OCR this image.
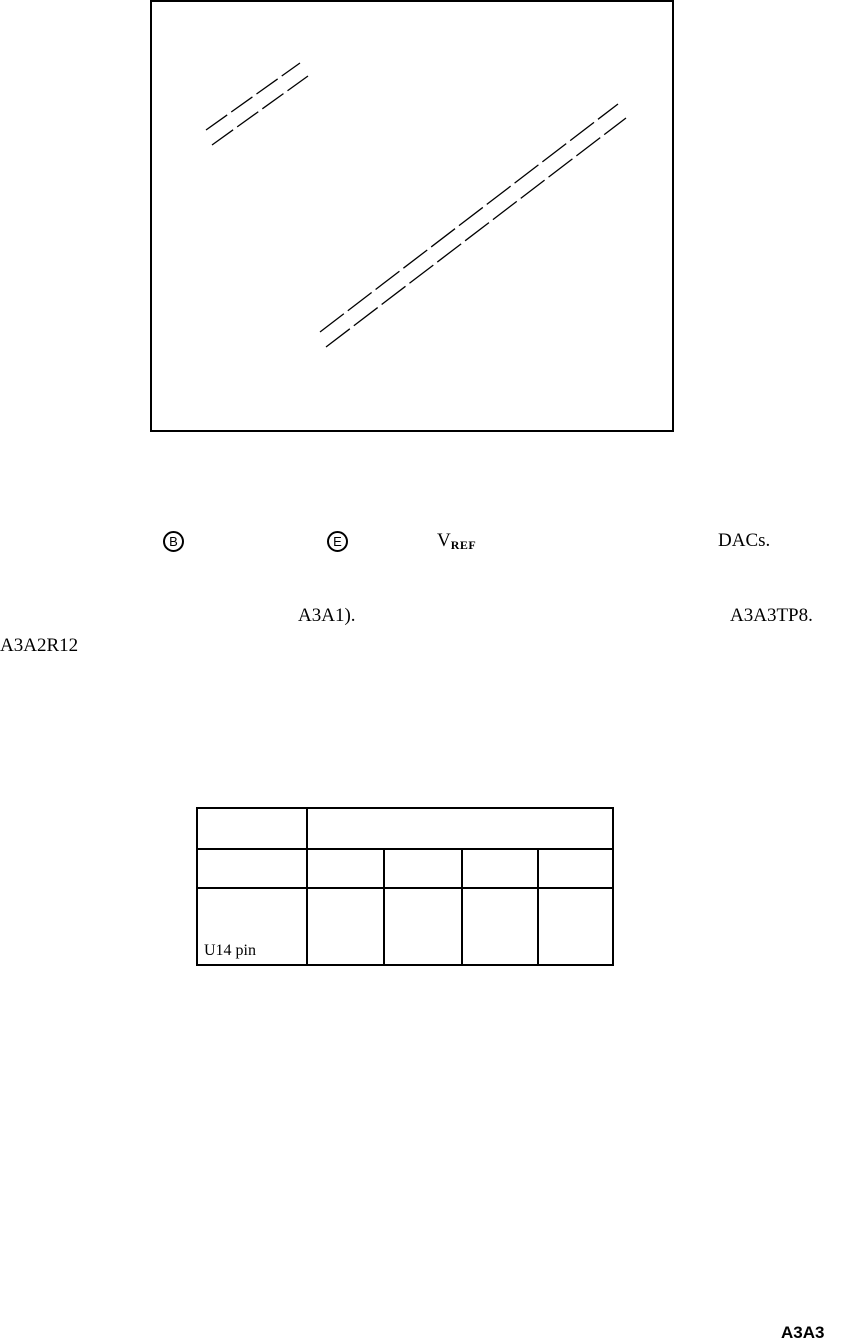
B	E	$V_{REF}$	DACs.
A3A1).	A3A3TP8.
A3A2R12
U14 pin
A3A3
